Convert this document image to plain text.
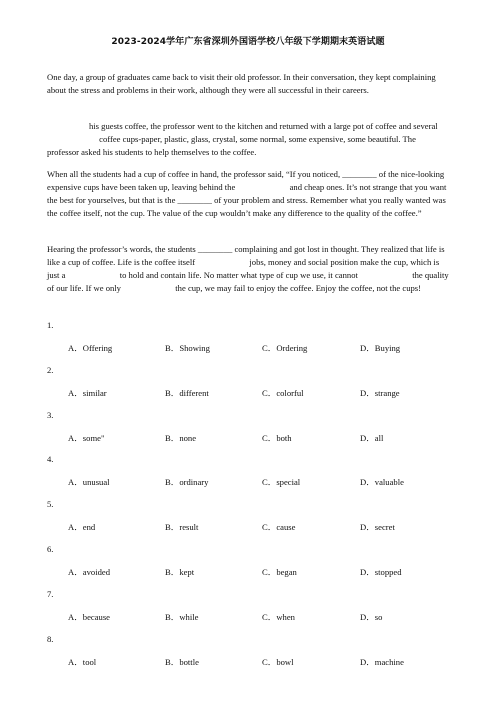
2023-2024学年广东省深圳外国语学校八年级下学期期末英语试题

One day, a group of graduates came back to visit their old professor. In their conversation, they kept complaining about the stress and problems in their work, although they were all successful in their careers.

his guests coffee, the professor went to the kitchen and returned with a large pot of coffee and several  coffee cups-paper, plastic, glass, crystal, some normal, some expensive, some beautiful. The professor asked his students to help themselves to the coffee.

When all the students had a cup of coffee in hand, the professor said, “If you noticed, ________ of the nice-looking expensive cups have been taken up, leaving behind the	and cheap ones. It’s not strange that you want the best for yourselves, but that is the ________ of your problem and stress. Remember what you really wanted was the coffee itself, not the cup. The value of the cup wouldn’t make any difference to the quality of the coffee.”

Hearing the professor’s words, the students ________ complaining and got lost in thought. They realized that life is like a cup of coffee. Life is the coffee itself	jobs, money and social position make the cup, which is just a	to hold and contain life. No matter what type of cup we use, it cannot	the quality of our life. If we only	the cup, we may fail to enjoy the coffee. Enjoy the coffee, not the cups!

1.
A．Offering	B．Showing	C．Ordering	D．Buying
2.
A．similar	B．different	C．colorful	D．strange
3.
A．some"	B．none	C．both	D．all
4.
A．unusual	B．ordinary	C．special	D．valuable
5.
A．end	B．result	C．cause	D．secret
6.
A．avoided	B．kept	C．began	D．stopped
7.
A．because	B．while	C．when	D．so
8.
A．tool	B．bottle	C．bowl	D．machine
